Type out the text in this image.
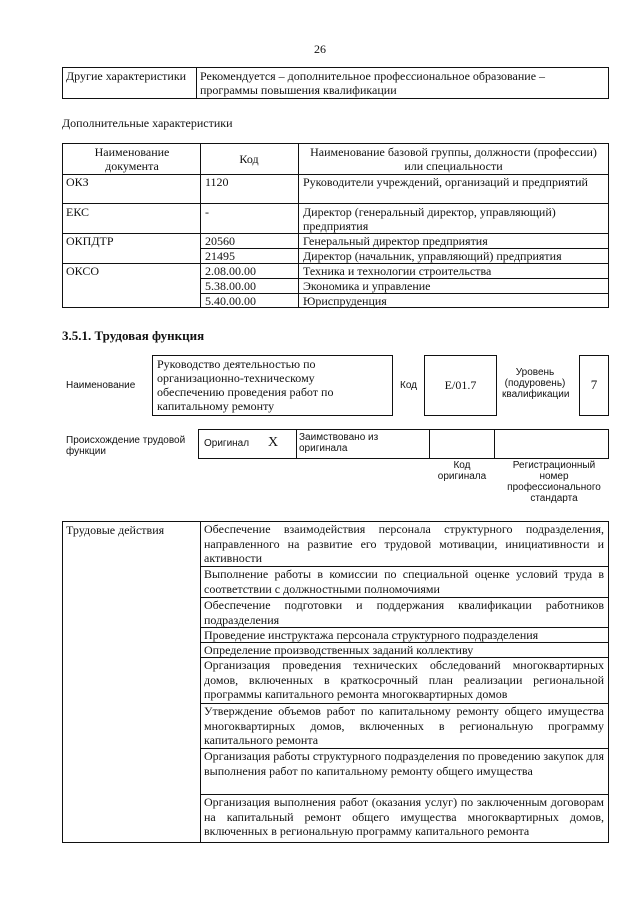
26
Другие характеристики	Рекомендуется – дополнительное профессиональное образование – программы повышения квалификации
Дополнительные характеристики
Наименование документа	Код	Наименование базовой группы, должности (профессии) или специальности
ОКЗ	1120	Руководители учреждений, организаций и предприятий
ЕКС	-	Директор (генеральный директор, управляющий) предприятия
ОКПДТР	20560	Генеральный директор предприятия
21495	Директор (начальник, управляющий) предприятия
ОКСО	2.08.00.00	Техника и технологии строительства
5.38.00.00	Экономика и управление
5.40.00.00	Юриспруденция
3.5.1. Трудовая функция
Наименование
Руководство деятельностью по организационно-техническому обеспечению проведения работ по капитальному ремонту
Код	E/01.7
Уровень (подуровень) квалификации
7
Происхождение трудовой функции
Оригинал	X	Заимствовано из оригинала
Код оригинала
Регистрационный номер профессионального стандарта
Трудовые действия	Обеспечение взаимодействия персонала структурного подразделения, направленного на развитие его трудовой мотивации, инициативности и активности
Выполнение работы в комиссии по специальной оценке условий труда в соответствии с должностными полномочиями
Обеспечение подготовки и поддержания квалификации работников подразделения
Проведение инструктажа персонала структурного подразделения
Определение производственных заданий коллективу
Организация проведения технических обследований многоквартирных домов, включенных в краткосрочный план реализации региональной программы капитального ремонта многоквартирных домов
Утверждение объемов работ по капитальному ремонту общего имущества многоквартирных домов, включенных в региональную программу капитального ремонта
Организация работы структурного подразделения по проведению закупок для выполнения работ по капитальному ремонту общего имущества
Организация выполнения работ (оказания услуг) по заключенным договорам на капитальный ремонт общего имущества многоквартирных домов, включенных в региональную программу капитального ремонта
